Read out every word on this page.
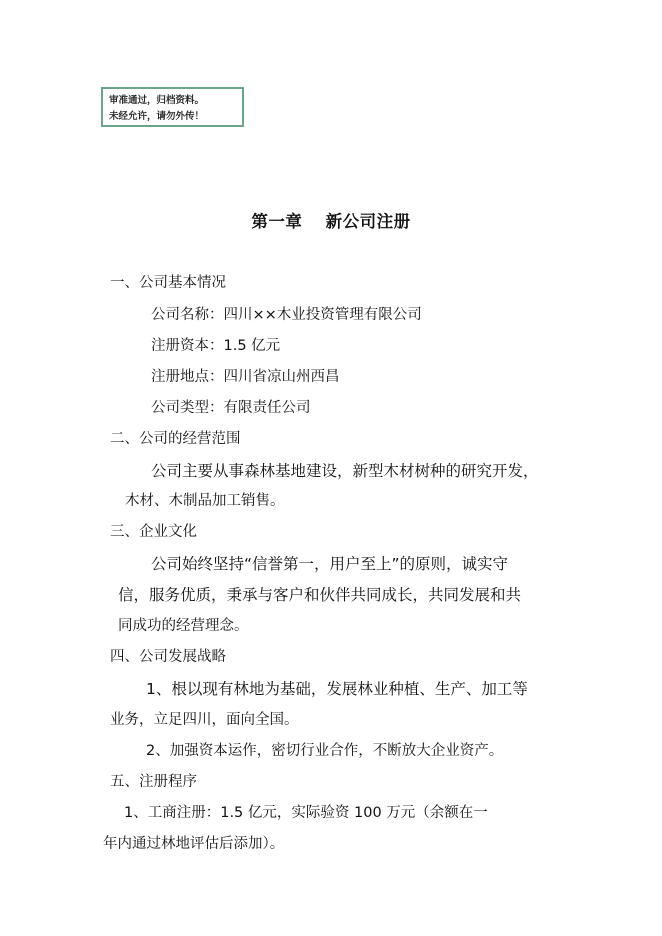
审准通过，归档资料。
未经允许，请勿外传！
第一章　 新公司注册
一、公司基本情况
公司名称：四川××木业投资管理有限公司
注册资本：1.5 亿元
注册地点：四川省凉山州西昌
公司类型：有限责任公司
二、公司的经营范围
公司主要从事森林基地建设，新型木材树种的研究开发，
木材、木制品加工销售。
三、企业文化
公司始终坚持“信誉第一，用户至上”的原则，诚实守
信，服务优质，秉承与客户和伙伴共同成长，共同发展和共
同成功的经营理念。
四、公司发展战略
1、根以现有林地为基础，发展林业种植、生产、加工等
业务，立足四川，面向全国。
2、加强资本运作，密切行业合作，不断放大企业资产。
五、注册程序
1、工商注册：1.5 亿元，实际验资 100 万元（余额在一
年内通过林地评估后添加）。
